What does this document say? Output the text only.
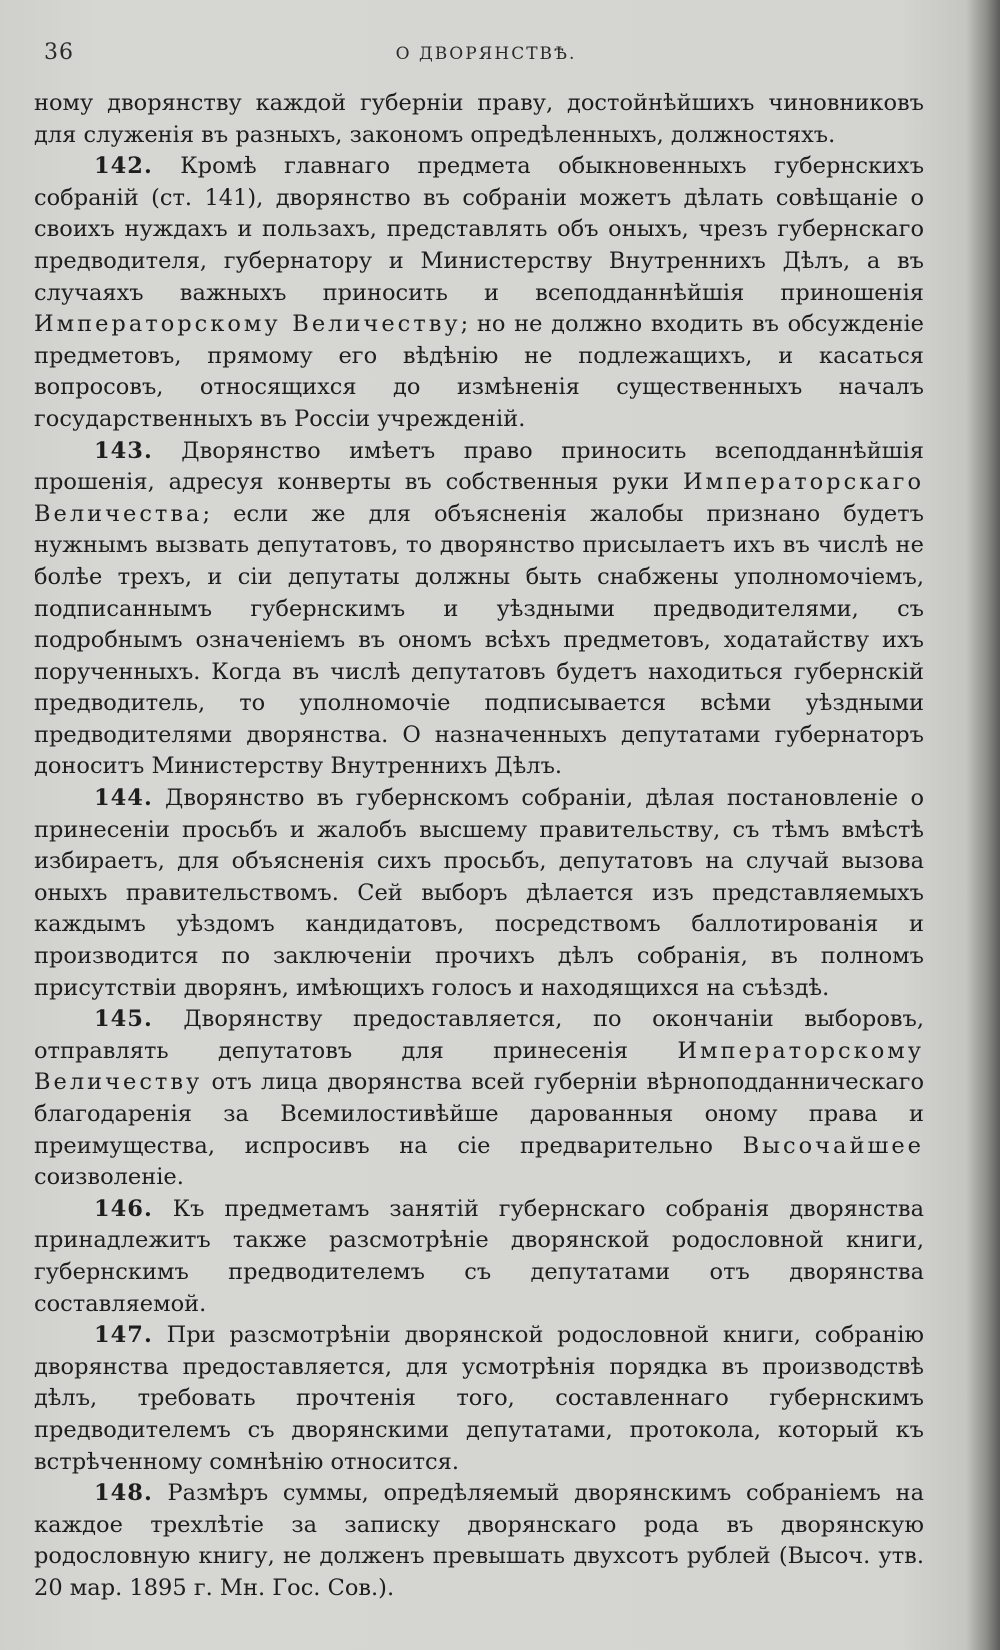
36	О ДВОРЯНСТВѢ.

ному дворянству каждой губерніи праву, достойнѣйшихъ чиновниковъ для служенія въ разныхъ, закономъ опредѣленныхъ, должностяхъ.

142. Кромѣ главнаго предмета обыкновенныхъ губернскихъ собраній (ст. 141), дворянство въ собраніи можетъ дѣлать совѣщаніе о своихъ нуждахъ и пользахъ, представлять объ оныхъ, чрезъ губернскаго предводителя, губернатору и Министерству Внутреннихъ Дѣлъ, а въ случаяхъ важныхъ приносить и всеподданнѣйшія приношенія Императорскому Величеству; но не должно входить въ обсужденіе предметовъ, прямому его вѣдѣнію не подлежащихъ, и касаться вопросовъ, относящихся до измѣненія существенныхъ началъ государственныхъ въ Россіи учрежденій.

143. Дворянство имѣетъ право приносить всеподданнѣйшія прошенія, адресуя конверты въ собственныя руки Императорскаго Величества; если же для объясненія жалобы признано будетъ нужнымъ вызвать депутатовъ, то дворянство присылаетъ ихъ въ числѣ не болѣе трехъ, и сіи депутаты должны быть снабжены уполномочіемъ, подписаннымъ губернскимъ и уѣздными предводителями, съ подробнымъ означеніемъ въ ономъ всѣхъ предметовъ, ходатайству ихъ порученныхъ. Когда въ числѣ депутатовъ будетъ находиться губернскій предводитель, то уполномочіе подписывается всѣми уѣздными предводителями дворянства. О назначенныхъ депутатами губернаторъ доноситъ Министерству Внутреннихъ Дѣлъ.

144. Дворянство въ губернскомъ собраніи, дѣлая постановленіе о принесеніи просьбъ и жалобъ высшему правительству, съ тѣмъ вмѣстѣ избираетъ, для объясненія сихъ просьбъ, депутатовъ на случай вызова оныхъ правительствомъ. Сей выборъ дѣлается изъ представляемыхъ каждымъ уѣздомъ кандидатовъ, посредствомъ баллотированія и производится по заключеніи прочихъ дѣлъ собранія, въ полномъ присутствіи дворянъ, имѣющихъ голосъ и находящихся на съѣздѣ.

145. Дворянству предоставляется, по окончаніи выборовъ, отправлять депутатовъ для принесенія Императорскому Величеству отъ лица дворянства всей губерніи вѣрноподданническаго благодаренія за Всемилостивѣйше дарованныя оному права и преимущества, испросивъ на сіе предварительно Высочайшее соизволеніе.

146. Къ предметамъ занятій губернскаго собранія дворянства принадлежитъ также разсмотрѣніе дворянской родословной книги, губернскимъ предводителемъ съ депутатами отъ дворянства составляемой.

147. При разсмотрѣніи дворянской родословной книги, собранію дворянства предоставляется, для усмотрѣнія порядка въ производствѣ дѣлъ, требовать прочтенія того, составленнаго губернскимъ предводителемъ съ дворянскими депутатами, протокола, который къ встрѣченному сомнѣнію относится.

148. Размѣръ суммы, опредѣляемый дворянскимъ собраніемъ на каждое трехлѣтіе за записку дворянскаго рода въ дворянскую родословную книгу, не долженъ превышать двухсотъ рублей (Высоч. утв. 20 мар. 1895 г. Мн. Гос. Сов.).
